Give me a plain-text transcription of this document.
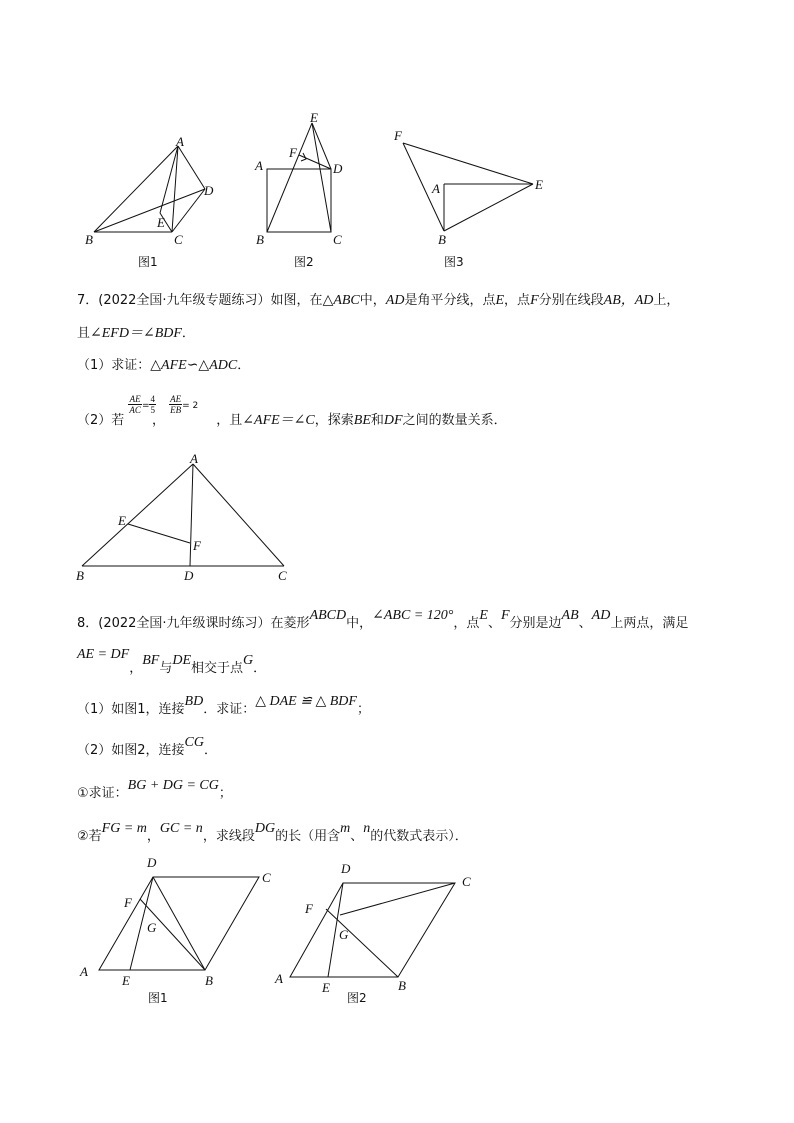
A
B	C
D
E
图1
E
A
F
D
B	C
图2
F
A	E
B
图3
7．(2022全国·九年级专题练习）如图，在△ABC中，AD是角平分线，点E，点F分别在线段AB，AD上，
且∠EFD＝∠BDF．
（1）求证：△AFE∽△ADC．
（2）若
$\frac{AE}{AC} = \frac{4}{5}$
，
$\frac{AE}{EB} = 2$，且∠AFE＝∠C，探索BE和DF之间的数量关系．
A
E
F
B	D	C
8．(2022全国·九年级课时练习）在菱形ABCD中，∠ABC = 120°，点E、F分别是边AB、AD上两点，满足
AE = DF，BF与DE相交于点G．
（1）如图1，连接BD．求证：△ DAE ≌ △ BDF；
（2）如图2，连接CG．
①求证：BG + DG = CG；
②若FG = m，GC = n，求线段DG的长（用含m、n的代数式表示）．
D
C
F
G
A
E	B
图1
D
C
F
G
A
E	B
图2
